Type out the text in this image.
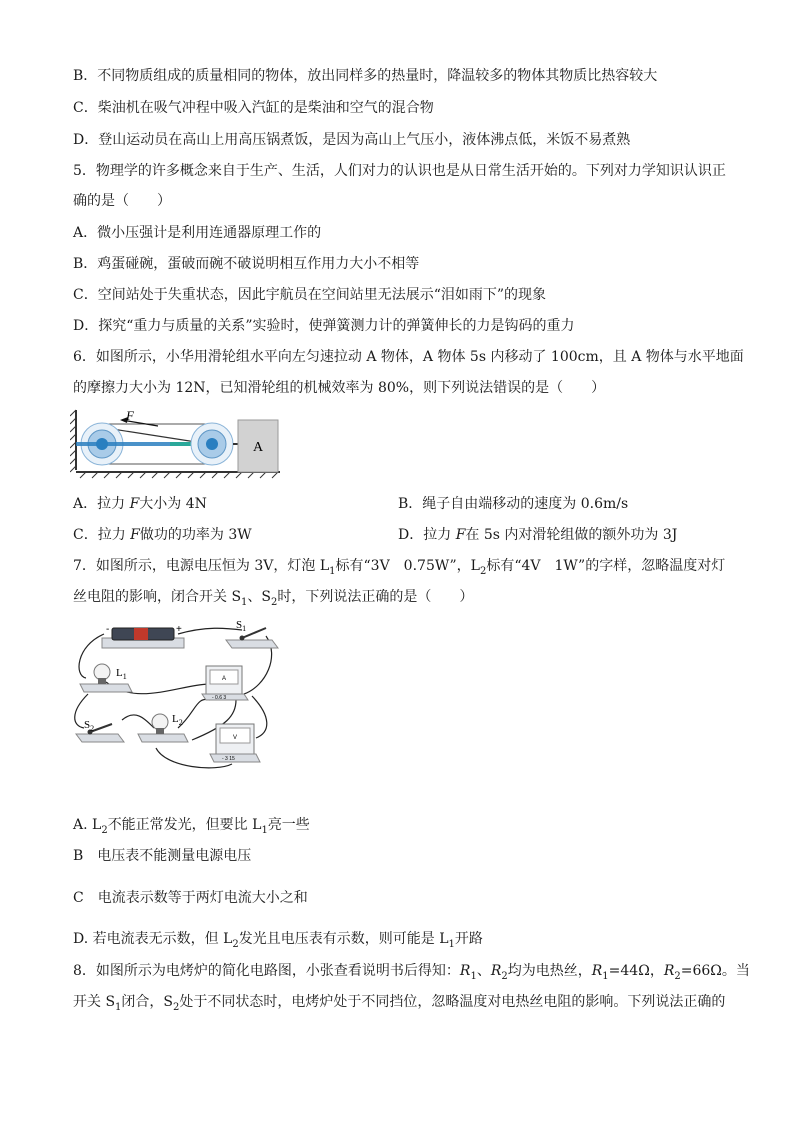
B．不同物质组成的质量相同的物体，放出同样多的热量时，降温较多的物体其物质比热容较大
C．柴油机在吸气冲程中吸入汽缸的是柴油和空气的混合物
D．登山运动员在高山上用高压锅煮饭，是因为高山上气压小，液体沸点低，米饭不易煮熟
5．物理学的许多概念来自于生产、生活，人们对力的认识也是从日常生活开始的。下列对力学知识认识正
确的是（　　）
A．微小压强计是利用连通器原理工作的
B．鸡蛋碰碗，蛋破而碗不破说明相互作用力大小不相等
C．空间站处于失重状态，因此宇航员在空间站里无法展示“泪如雨下”的现象
D．探究“重力与质量的关系”实验时，使弹簧测力计的弹簧伸长的力是钩码的重力
6．如图所示，小华用滑轮组水平向左匀速拉动 A 物体，A 物体 5s 内移动了 100cm，且 A 物体与水平地面
的摩擦力大小为 12N，已知滑轮组的机械效率为 80%，则下列说法错误的是（　　）
F
A
A．拉力 F大小为 4N	B．绳子自由端移动的速度为 0.6m/s
C．拉力 F做功的功率为 3W	D．拉力 F在 5s 内对滑轮组做的额外功为 3J
7．如图所示，电源电压恒为 3V，灯泡 $L_1$标有“3V　0.75W”，$L_2$标有“4V　1W”的字样，忽略温度对灯
丝电阻的影响，闭合开关 $S_1$、$S_2$时，下列说法正确的是（　　）
-	+	$S_1$
$L_1$	A
- 0.6 3
$S_2$
$L_2$
V
- 3 15
A. $L_2$不能正常发光，但要比 $L_1$亮一些
B　电压表不能测量电源电压
C　电流表示数等于两灯电流大小之和
D. 若电流表无示数，但 $L_2$发光且电压表有示数，则可能是 $L_1$开路
8．如图所示为电烤炉的简化电路图，小张查看说明书后得知：$R_1$、$R_2$均为电热丝，$R_1=44\Omega$，$R_2=66\Omega$。当
开关 $S_1$闭合，$S_2$处于不同状态时，电烤炉处于不同挡位，忽略温度对电热丝电阻的影响。下列说法正确的
